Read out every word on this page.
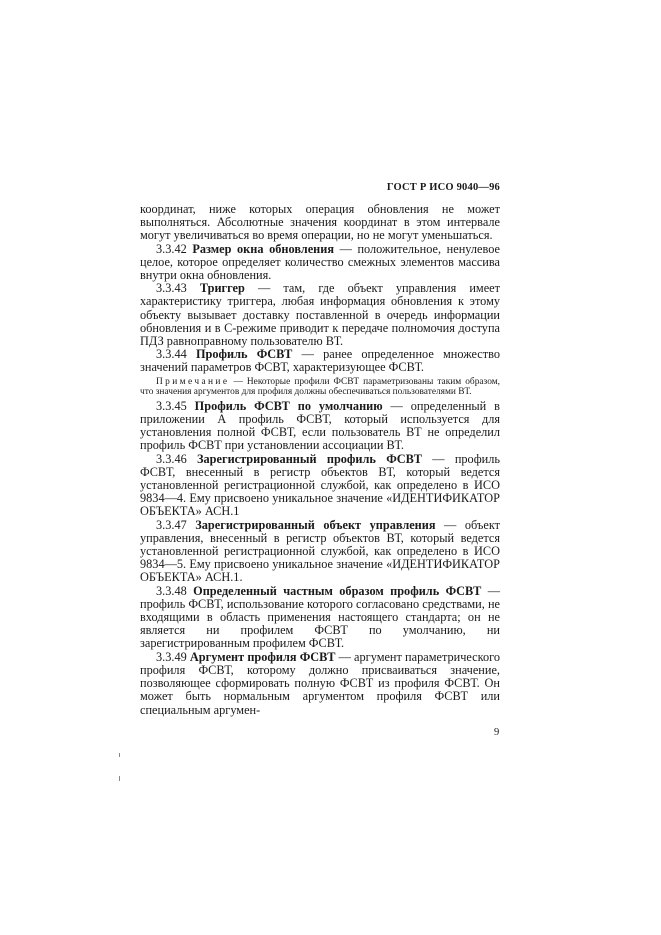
ГОСТ Р ИСО 9040—96

координат, ниже которых операция обновления не может выполняться. Абсолютные значения координат в этом интервале могут увеличиваться во время операции, но не могут уменьшаться.

3.3.42 Размер окна обновления — положительное, ненулевое целое, которое определяет количество смежных элементов массива внутри окна обновления.

3.3.43 Триггер — там, где объект управления имеет характеристику триггера, любая информация обновления к этому объекту вызывает доставку поставленной в очередь информации обновления и в С-режиме приводит к передаче полномочия доступа ПДЗ равноправному пользователю ВТ.

3.3.44 Профиль ФСВТ — ранее определенное множество значений параметров ФСВТ, характеризующее ФСВТ.

Примечание — Некоторые профили ФСВТ параметризованы таким образом, что значения аргументов для профиля должны обеспечиваться пользователями ВТ.

3.3.45 Профиль ФСВТ по умолчанию — определенный в приложении А профиль ФСВТ, который используется для установления полной ФСВТ, если пользователь ВТ не определил профиль ФСВТ при установлении ассоциации ВТ.

3.3.46 Зарегистрированный профиль ФСВТ — профиль ФСВТ, внесенный в регистр объектов ВТ, который ведется установленной регистрационной службой, как определено в ИСО 9834—4. Ему присвоено уникальное значение «ИДЕНТИФИКАТОР ОБЪЕКТА» АСН.1

3.3.47 Зарегистрированный объект управления — объект управления, внесенный в регистр объектов ВТ, который ведется установленной регистрационной службой, как определено в ИСО 9834—5. Ему присвоено уникальное значение «ИДЕНТИФИКАТОР ОБЪЕКТА» АСН.1.

3.3.48 Определенный частным образом профиль ФСВТ — профиль ФСВТ, использование которого согласовано средствами, не входящими в область применения настоящего стандарта; он не является ни профилем ФСВТ по умолчанию, ни зарегистрированным профилем ФСВТ.

3.3.49 Аргумент профиля ФСВТ — аргумент параметрического профиля ФСВТ, которому должно присваиваться значение, позволяющее сформировать полную ФСВТ из профиля ФСВТ. Он может быть нормальным аргументом профиля ФСВТ или специальным аргумен-

9
